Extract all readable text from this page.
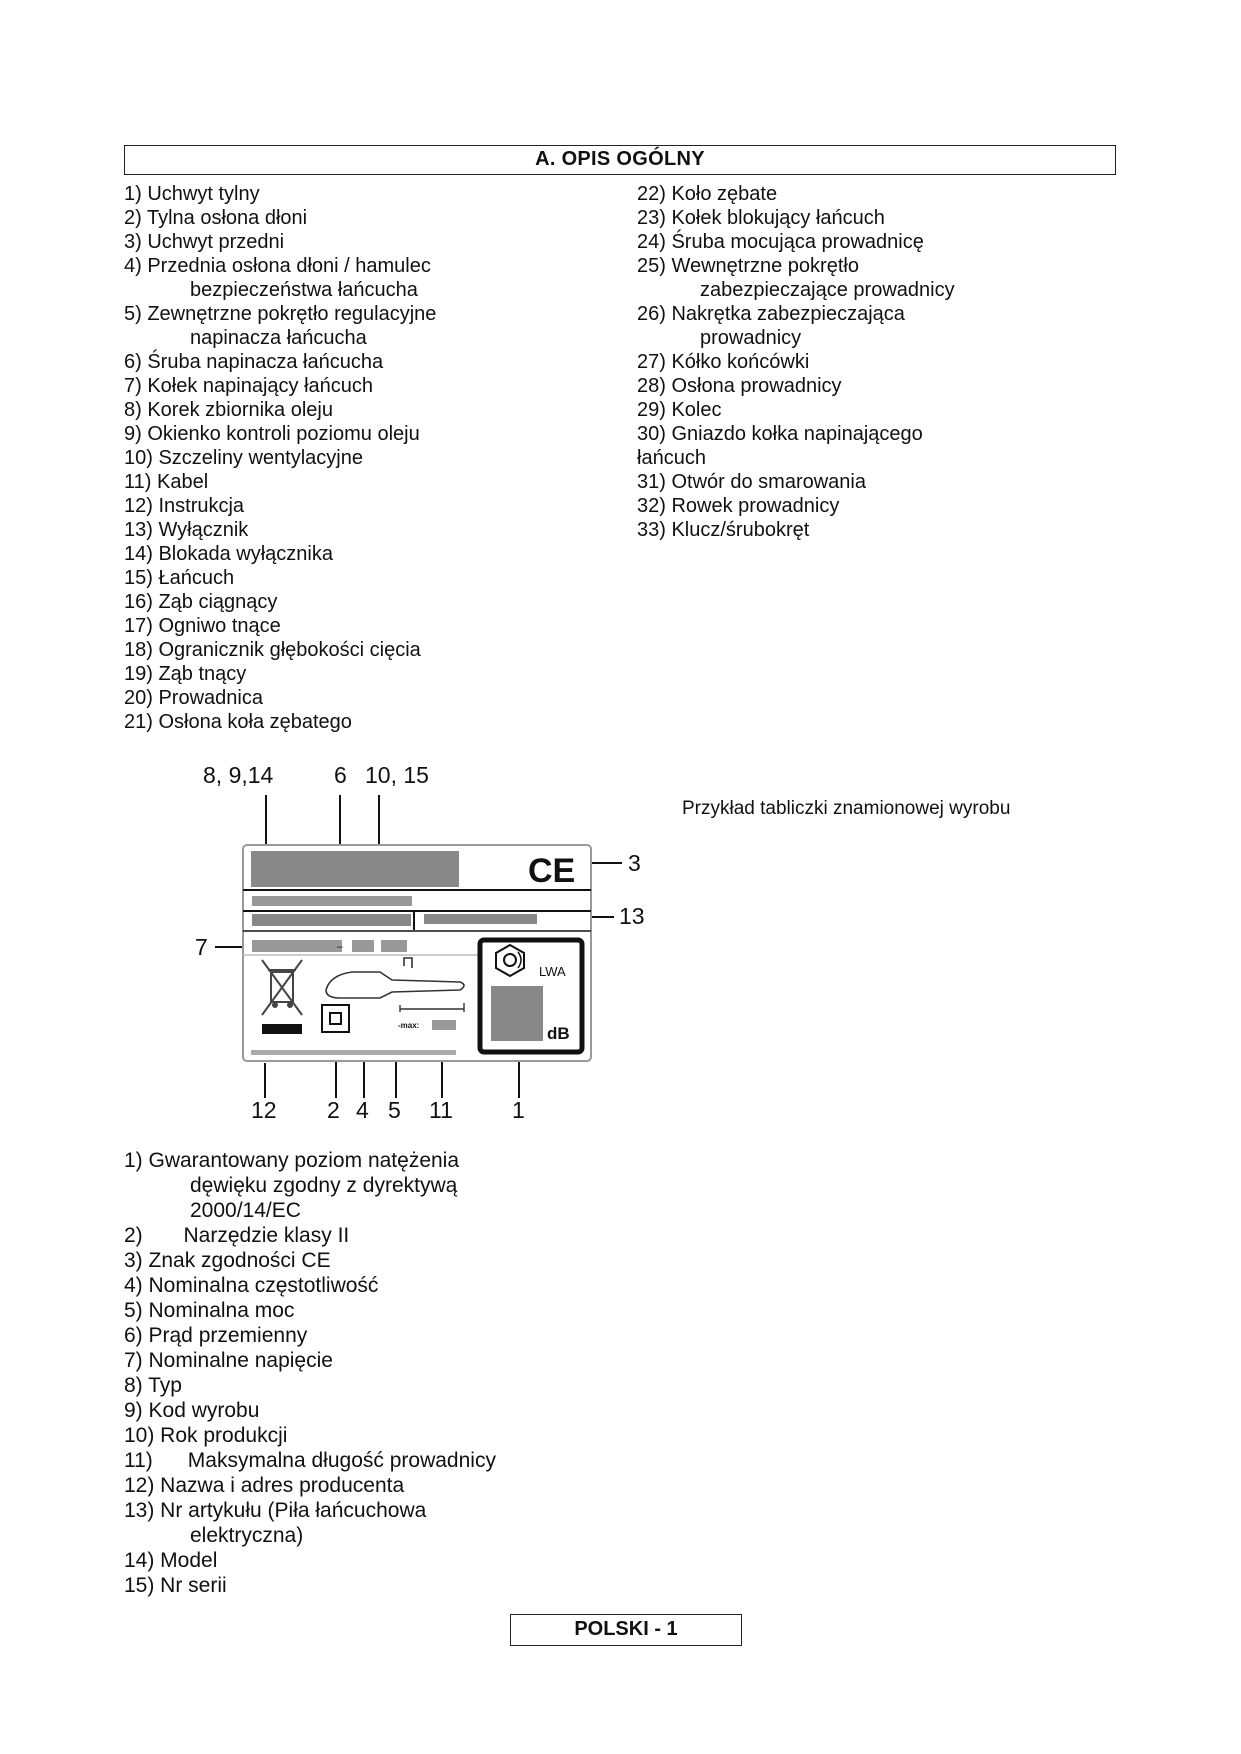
A. OPIS OGÓLNY
1) Uchwyt tylny
2) Tylna osłona dłoni
3) Uchwyt przedni
4) Przednia osłona dłoni / hamulec
bezpieczeństwa łańcucha
5) Zewnętrzne pokrętło regulacyjne
napinacza łańcucha
6) Śruba napinacza łańcucha
7) Kołek napinający łańcuch
8) Korek zbiornika oleju
9) Okienko kontroli poziomu oleju
10) Szczeliny wentylacyjne
11) Kabel
12) Instrukcja
13) Wyłącznik
14) Blokada wyłącznika
15) Łańcuch
16) Ząb ciągnący
17) Ogniwo tnące
18) Ogranicznik głębokości cięcia
19) Ząb tnący
20) Prowadnica
21) Osłona koła zębatego
22) Koło zębate
23) Kołek blokujący łańcuch
24) Śruba mocująca prowadnicę
25) Wewnętrzne pokrętło
zabezpieczające prowadnicy
26) Nakrętka zabezpieczająca
prowadnicy
27) Kółko końcówki
28) Osłona prowadnicy
29) Kolec
30) Gniazdo kołka napinającego
łańcuch
31) Otwór do smarowania
32) Rowek prowadnicy
33) Klucz/śrubokręt
Przykład tabliczki znamionowej wyrobu
8, 9,14	6 10, 15
3
13
7
12 2 4 5 11	1
~
CE
-max:
LWA
dB
1) Gwarantowany poziom natężenia
dęwięku zgodny z dyrektywą
2000/14/EC
2)       Narzędzie klasy II
3) Znak zgodności CE
4) Nominalna częstotliwość
5) Nominalna moc
6) Prąd przemienny
7) Nominalne napięcie
8) Typ
9) Kod wyrobu
10) Rok produkcji
11)      Maksymalna długość prowadnicy
12) Nazwa i adres producenta
13) Nr artykułu (Piła łańcuchowa
elektryczna)
14) Model
15) Nr serii
POLSKI - 1
